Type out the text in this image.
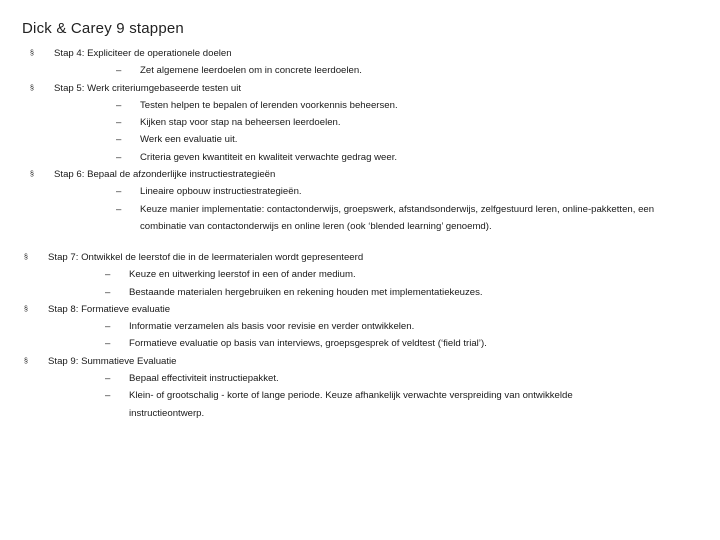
Dick & Carey 9 stappen
§ Stap 4: Expliciteer de operationele doelen
– Zet algemene leerdoelen om in concrete leerdoelen.
§ Stap 5: Werk criteriumgebaseerde testen uit
– Testen helpen te bepalen of lerenden voorkennis beheersen.
– Kijken stap voor stap na beheersen leerdoelen.
– Werk een evaluatie uit.
– Criteria geven kwantiteit en kwaliteit verwachte gedrag weer.
§ Stap 6: Bepaal de afzonderlijke instructiestrategieën
– Lineaire opbouw instructiestrategieën.
– Keuze manier implementatie: contactonderwijs, groepswerk, afstandsonderwijs, zelfgestuurd leren, online-pakketten, een combinatie van contactonderwijs en online leren (ook ‘blended learning’ genoemd).
§ Stap 7: Ontwikkel de leerstof die in de leermaterialen wordt gepresenteerd
– Keuze en uitwerking leerstof in een of ander medium.
– Bestaande materialen hergebruiken en rekening houden met implementatiekeuzes.
§ Stap 8: Formatieve evaluatie
– Informatie verzamelen als basis voor revisie en verder ontwikkelen.
– Formatieve evaluatie op basis van interviews, groepsgesprek of veldtest (‘field trial’).
§ Stap 9: Summatieve Evaluatie
– Bepaal effectiviteit instructiepakket.
– Klein- of grootschalig - korte of lange periode. Keuze afhankelijk verwachte verspreiding van ontwikkelde instructieontwerp.
